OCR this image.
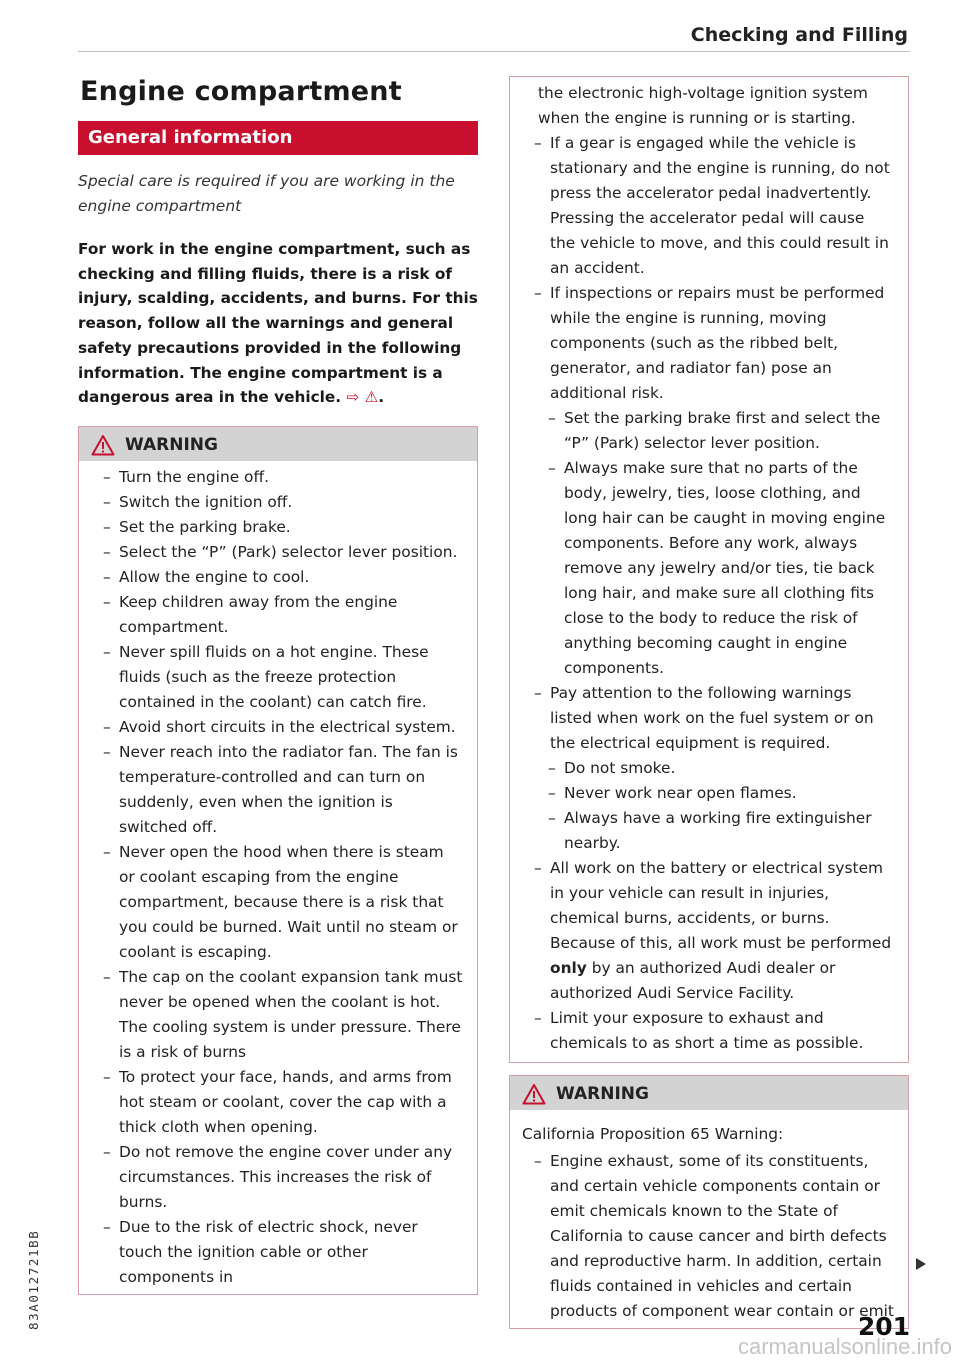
Checking and Filling
Engine compartment
General information

Special care is required if you are working in the engine compartment

For work in the engine compartment, such as checking and filling fluids, there is a risk of injury, scalding, accidents, and burns. For this reason, follow all the warnings and general safety precautions provided in the following information. The engine compartment is a dangerous area in the vehicle. ⇨ ⚠.

WARNING
– Turn the engine off.
– Switch the ignition off.
– Set the parking brake.
– Select the “P” (Park) selector lever position.
– Allow the engine to cool.
– Keep children away from the engine compartment.
– Never spill fluids on a hot engine. These fluids (such as the freeze protection contained in the coolant) can catch fire.
– Avoid short circuits in the electrical system.
– Never reach into the radiator fan. The fan is temperature-controlled and can turn on suddenly, even when the ignition is switched off.
– Never open the hood when there is steam or coolant escaping from the engine compartment, because there is a risk that you could be burned. Wait until no steam or coolant is escaping.
– The cap on the coolant expansion tank must never be opened when the coolant is hot. The cooling system is under pressure. There is a risk of burns
– To protect your face, hands, and arms from hot steam or coolant, cover the cap with a thick cloth when opening.
– Do not remove the engine cover under any circumstances. This increases the risk of burns.
– Due to the risk of electric shock, never touch the ignition cable or other components in
the electronic high-voltage ignition system when the engine is running or is starting.
– If a gear is engaged while the vehicle is stationary and the engine is running, do not press the accelerator pedal inadvertently. Pressing the accelerator pedal will cause the vehicle to move, and this could result in an accident.
– If inspections or repairs must be performed while the engine is running, moving components (such as the ribbed belt, generator, and radiator fan) pose an additional risk.
– Set the parking brake first and select the “P” (Park) selector lever position.
– Always make sure that no parts of the body, jewelry, ties, loose clothing, and long hair can be caught in moving engine components. Before any work, always remove any jewelry and/or ties, tie back long hair, and make sure all clothing fits close to the body to reduce the risk of anything becoming caught in engine components.
– Pay attention to the following warnings listed when work on the fuel system or on the electrical equipment is required.
– Do not smoke.
– Never work near open flames.
– Always have a working fire extinguisher nearby.
– All work on the battery or electrical system in your vehicle can result in injuries, chemical burns, accidents, or burns. Because of this, all work must be performed only by an authorized Audi dealer or authorized Audi Service Facility.
– Limit your exposure to exhaust and chemicals to as short a time as possible.
WARNING
California Proposition 65 Warning:
– Engine exhaust, some of its constituents, and certain vehicle components contain or emit chemicals known to the State of California to cause cancer and birth defects and reproductive harm. In addition, certain fluids contained in vehicles and certain products of component wear contain or emit
83A012721BB	201
carmanualsonline.info
